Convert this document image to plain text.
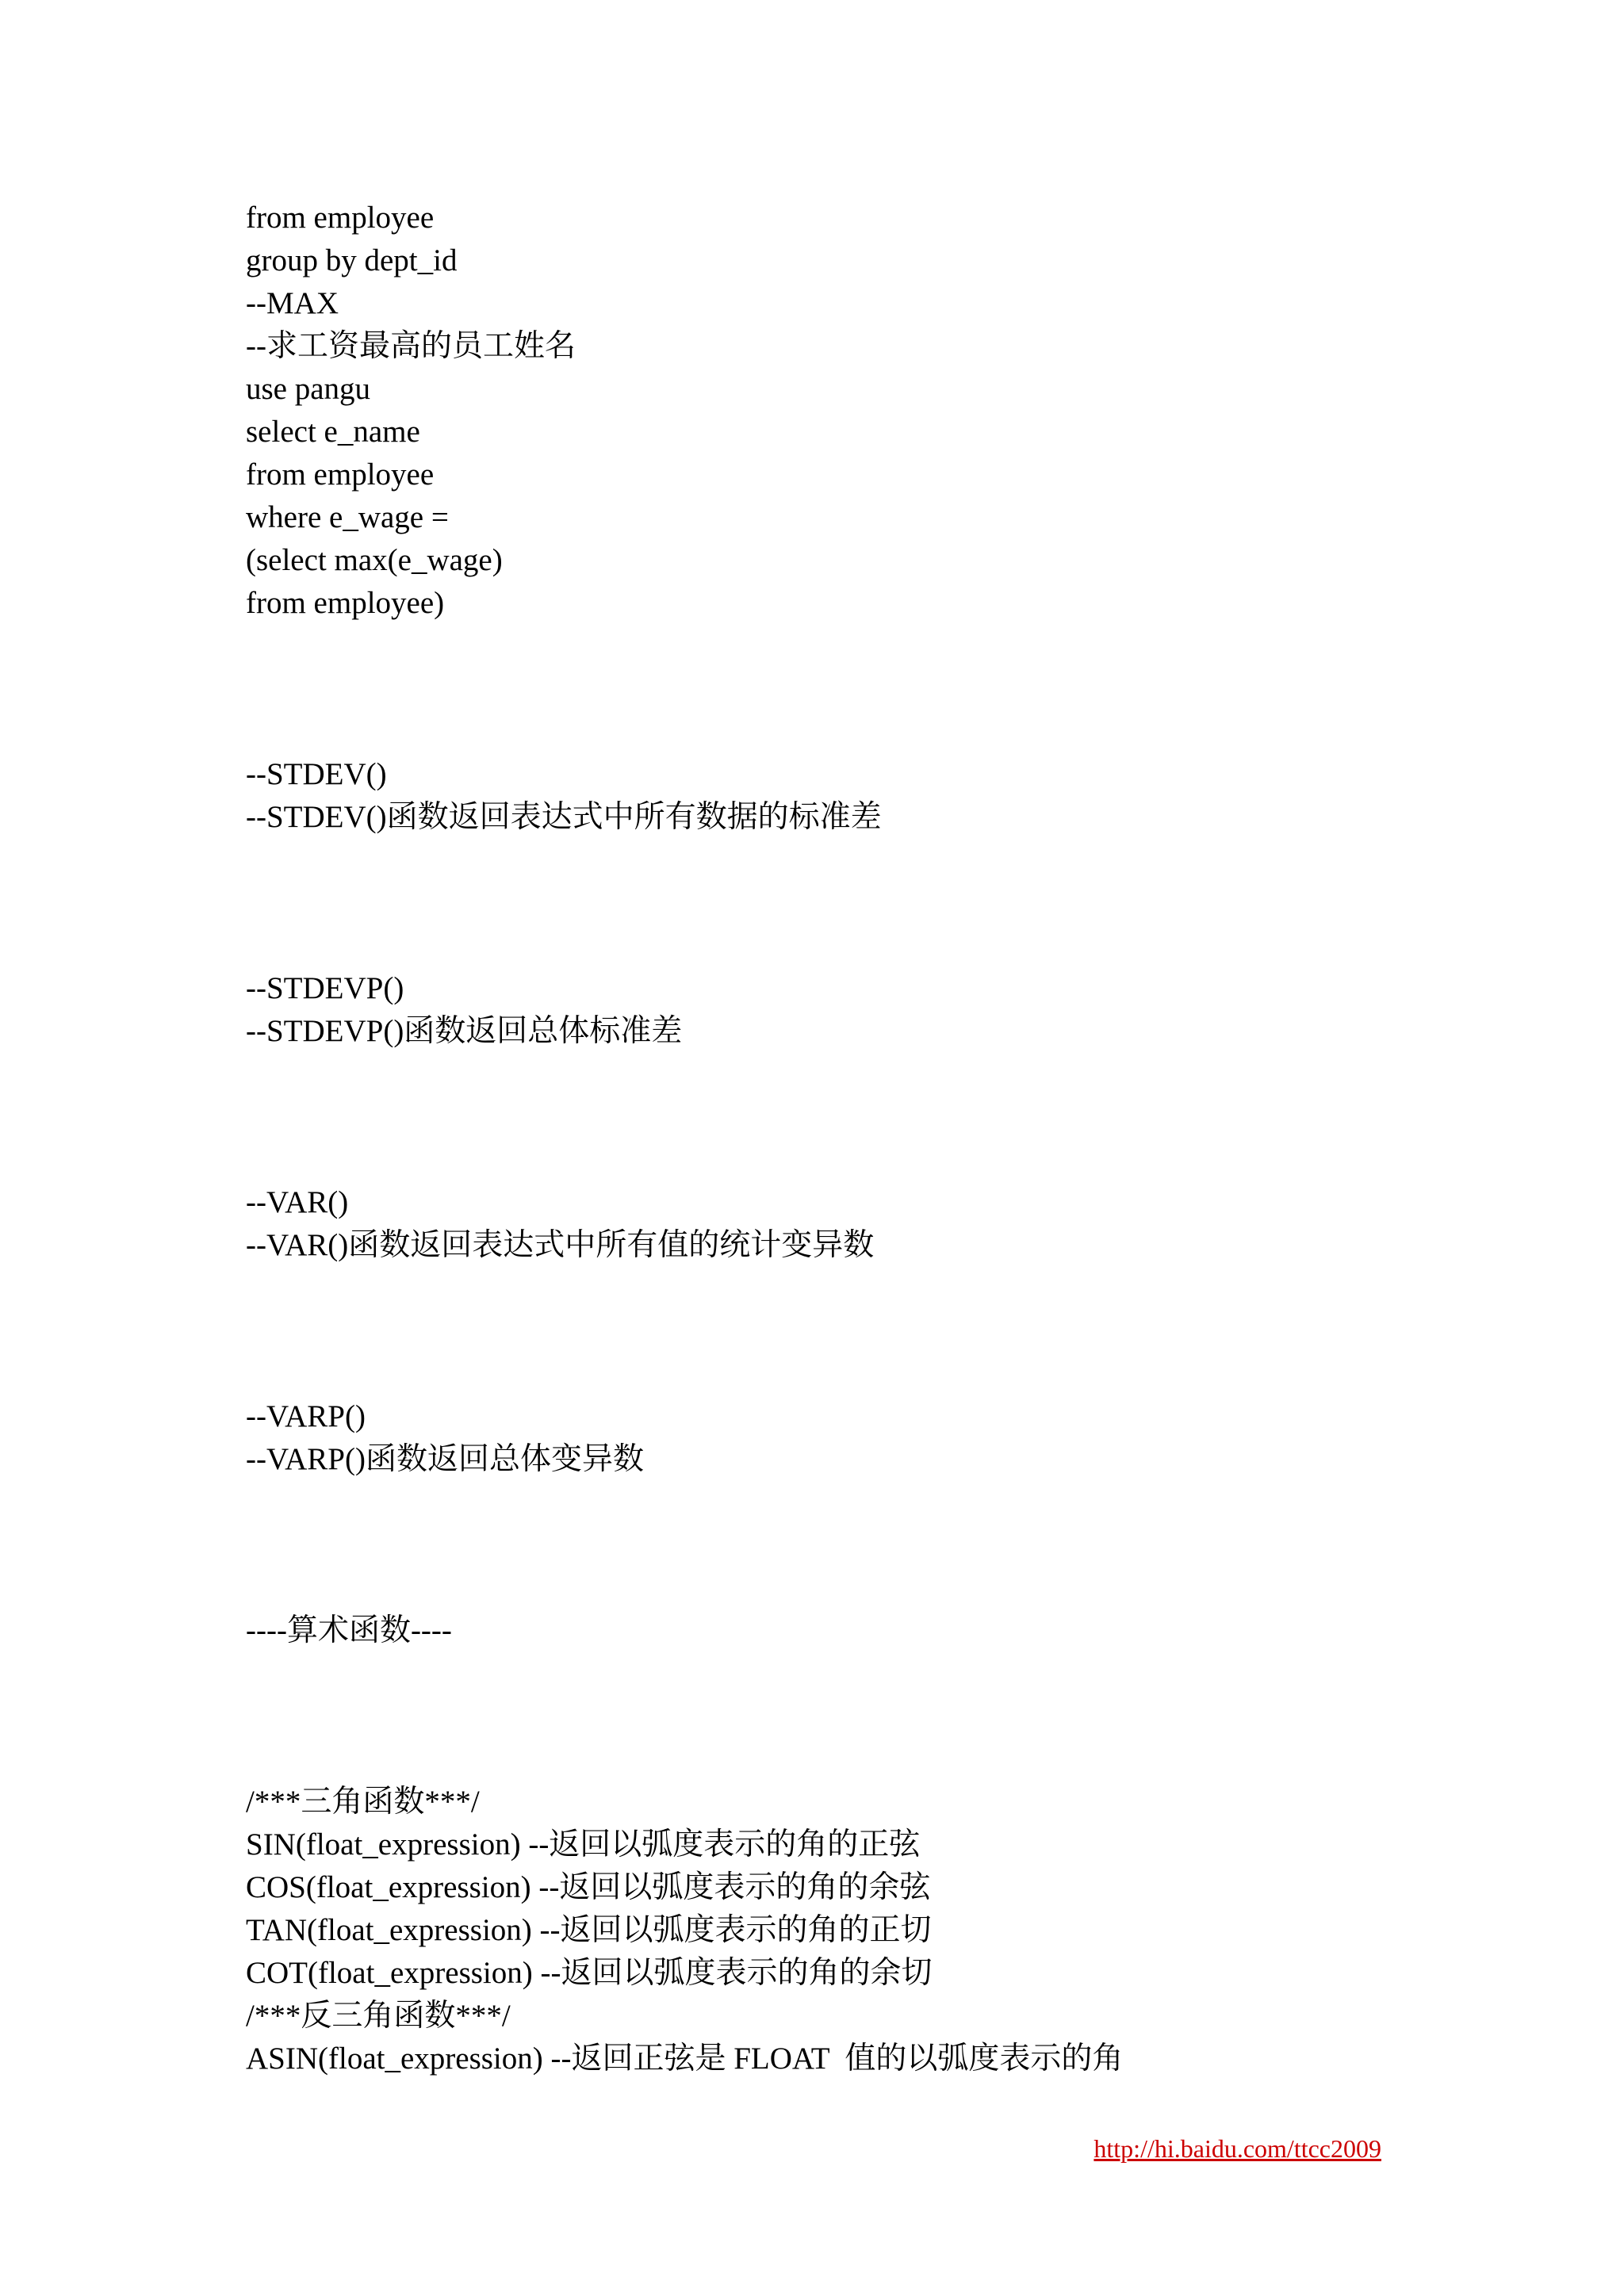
from employee
group by dept_id
--MAX
--求工资最高的员工姓名
use pangu
select e_name
from employee
where e_wage =
(select max(e_wage)
from employee)
--STDEV()
--STDEV()函数返回表达式中所有数据的标准差
--STDEVP()
--STDEVP()函数返回总体标准差
--VAR()
--VAR()函数返回表达式中所有值的统计变异数
--VARP()
--VARP()函数返回总体变异数
----算术函数----
/***三角函数***/
SIN(float_expression) --返回以弧度表示的角的正弦
COS(float_expression) --返回以弧度表示的角的余弦
TAN(float_expression) --返回以弧度表示的角的正切
COT(float_expression) --返回以弧度表示的角的余切
/***反三角函数***/
ASIN(float_expression) --返回正弦是 FLOAT  值的以弧度表示的角
http://hi.baidu.com/ttcc2009
